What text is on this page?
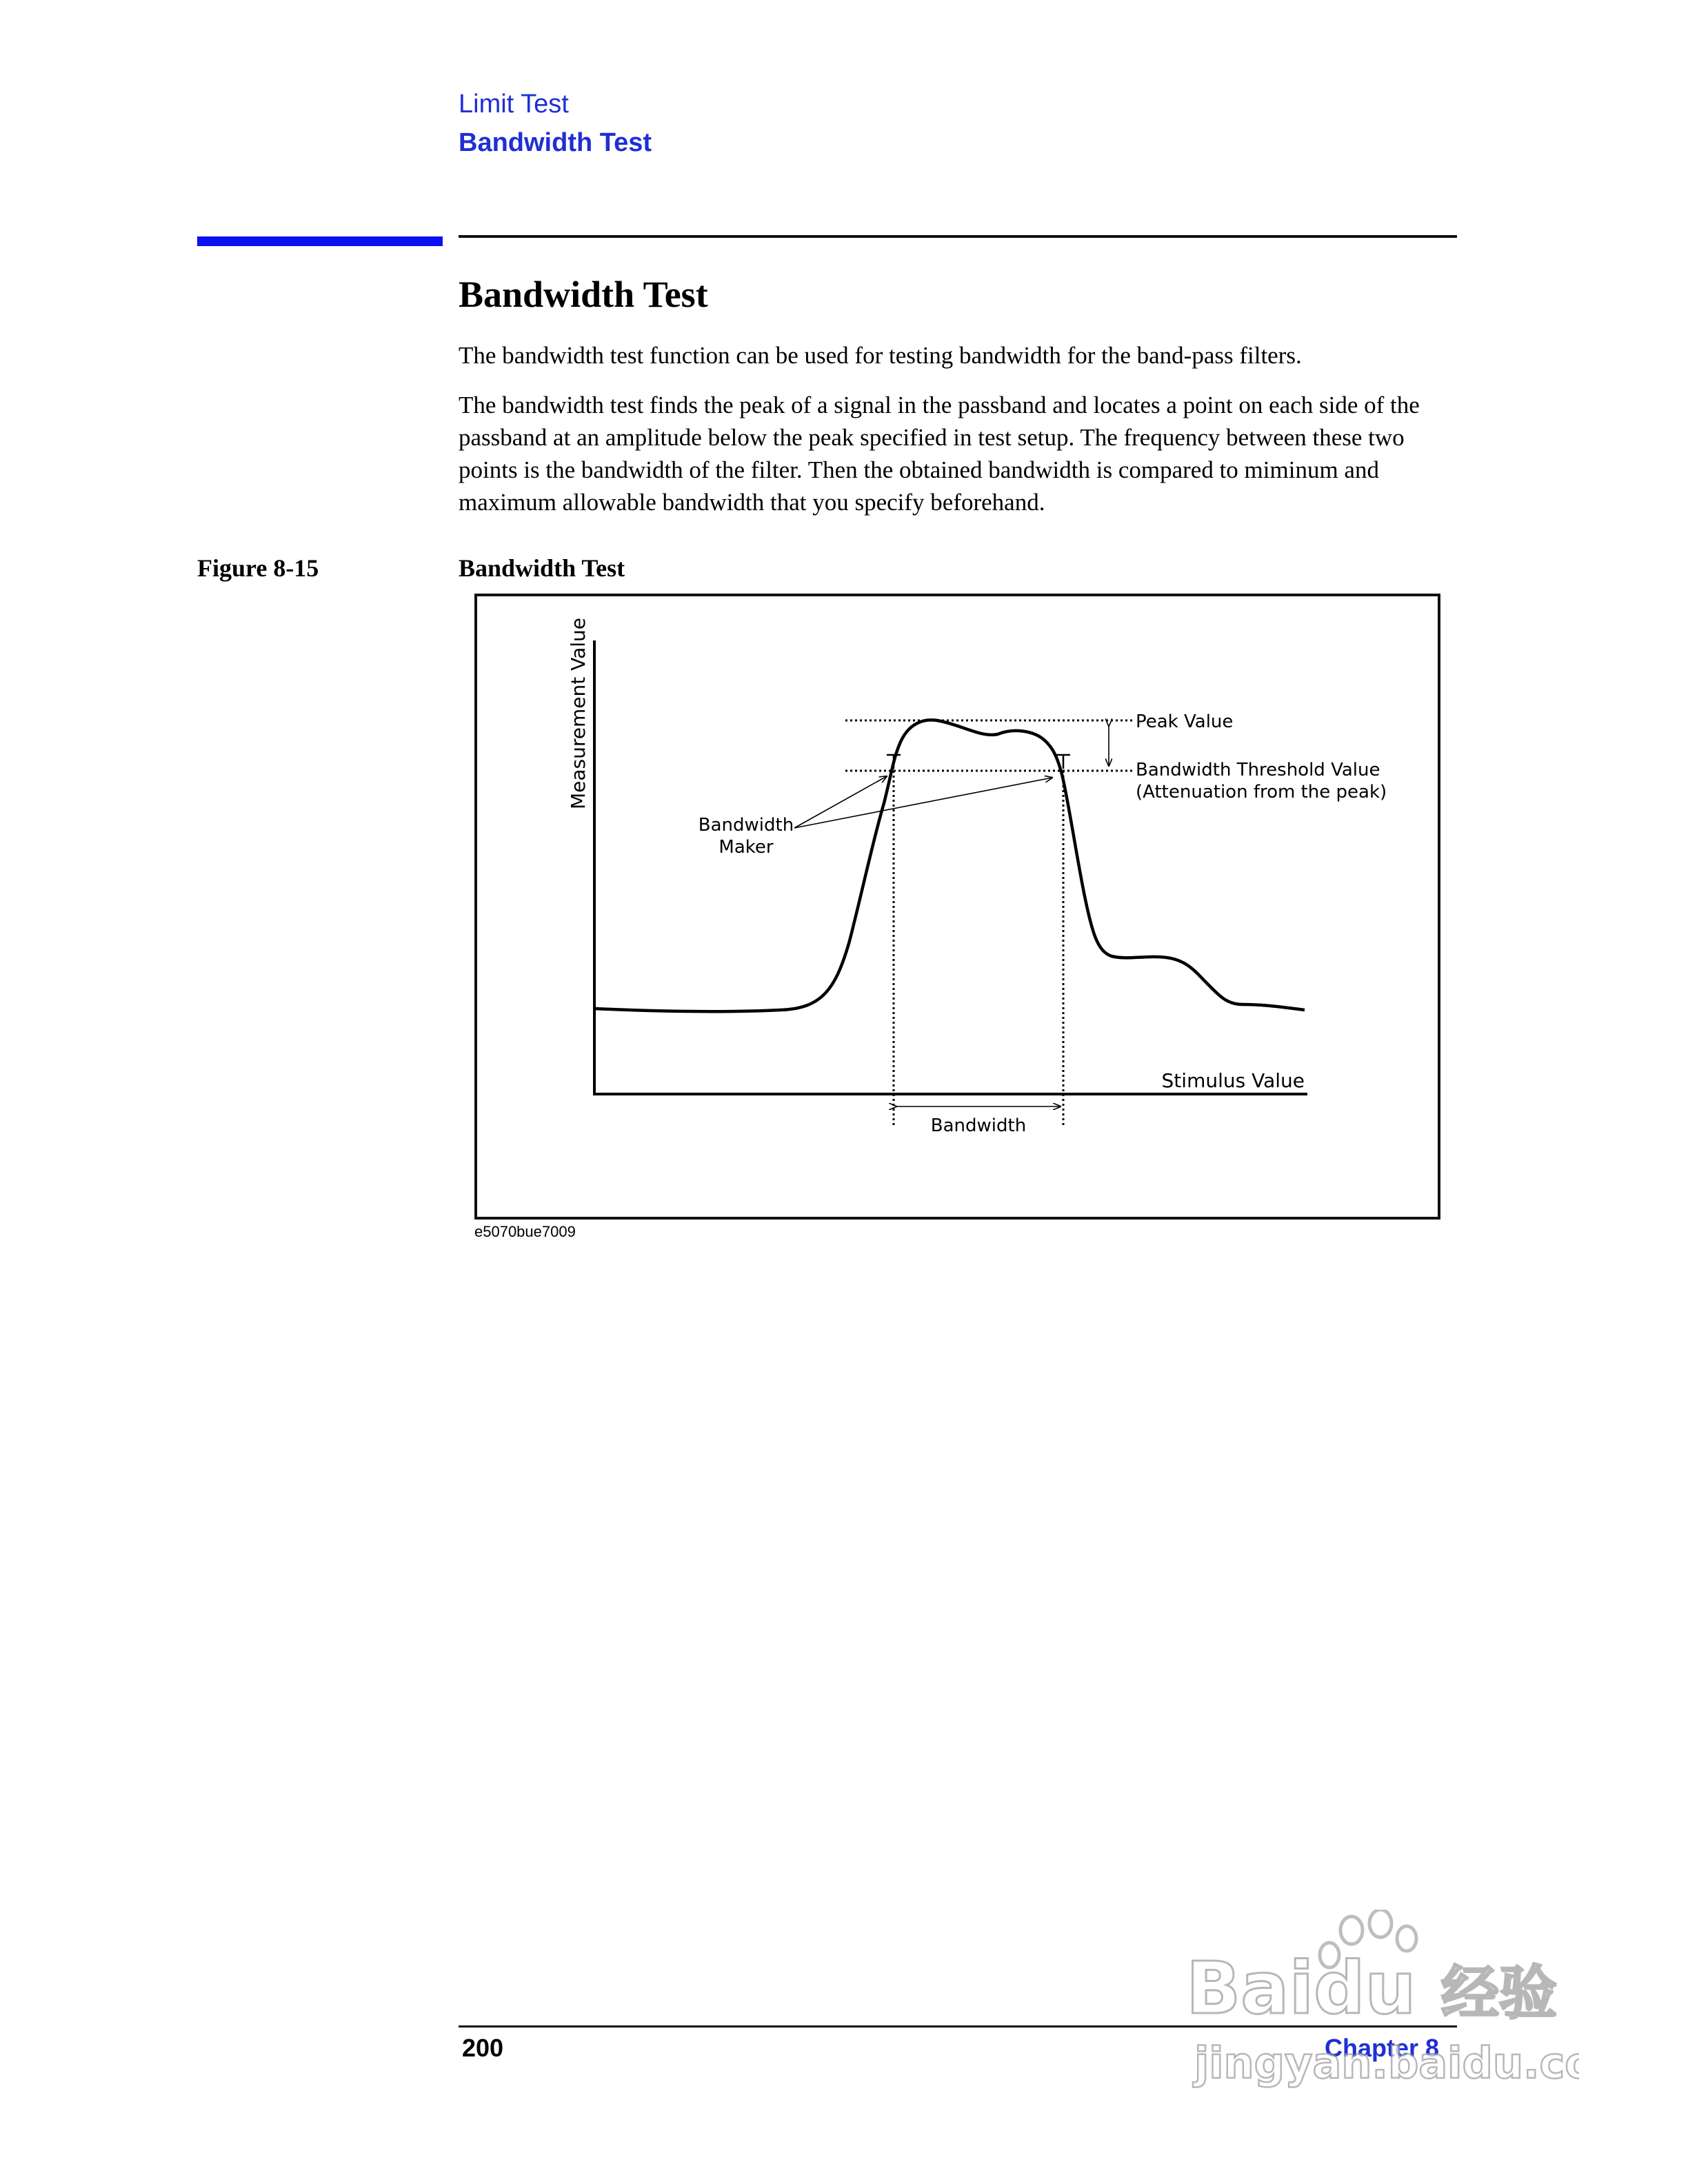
Limit Test
Bandwidth Test
Bandwidth Test
The bandwidth test function can be used for testing bandwidth for the band-pass filters.
The bandwidth test finds the peak of a signal in the passband and locates a point on each side of the passband at an amplitude below the peak specified in test setup. The frequency between these two points is the bandwidth of the filter. Then the obtained bandwidth is compared to miminum and maximum allowable bandwidth that you specify beforehand.
Figure 8-15	Bandwidth Test
Measurement Value
Stimulus Value
Peak Value
Bandwidth Threshold Value
(Attenuation from the peak)
Bandwidth
Maker
Bandwidth
e5070bue7009
200	Chapter 8
Baidu 经验
jingyan.baidu.c
